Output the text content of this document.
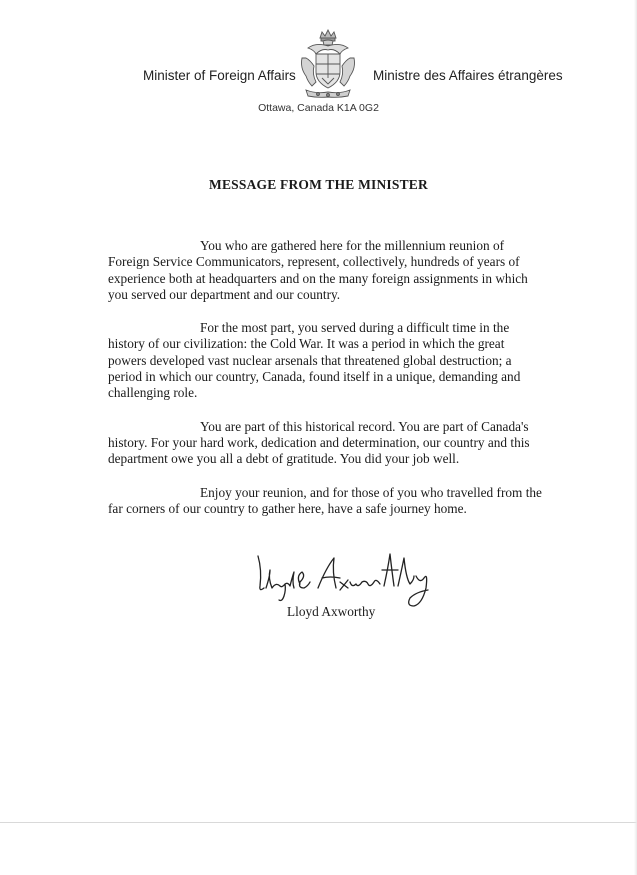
Minister of Foreign Affairs	Ministre des Affaires étrangères
Ottawa, Canada K1A 0G2
MESSAGE FROM THE MINISTER

You who are gathered here for the millennium reunion of Foreign Service Communicators, represent, collectively, hundreds of years of experience both at headquarters and on the many foreign assignments in which you served our department and our country.

For the most part, you served during a difficult time in the history of our civilization: the Cold War. It was a period in which the great powers developed vast nuclear arsenals that threatened global destruction; a period in which our country, Canada, found itself in a unique, demanding and challenging role.

You are part of this historical record. You are part of Canada's history. For your hard work, dedication and determination, our country and this department owe you all a debt of gratitude. You did your job well.

Enjoy your reunion, and for those of you who travelled from the far corners of our country to gather here, have a safe journey home.

Lloyd Axworthy
